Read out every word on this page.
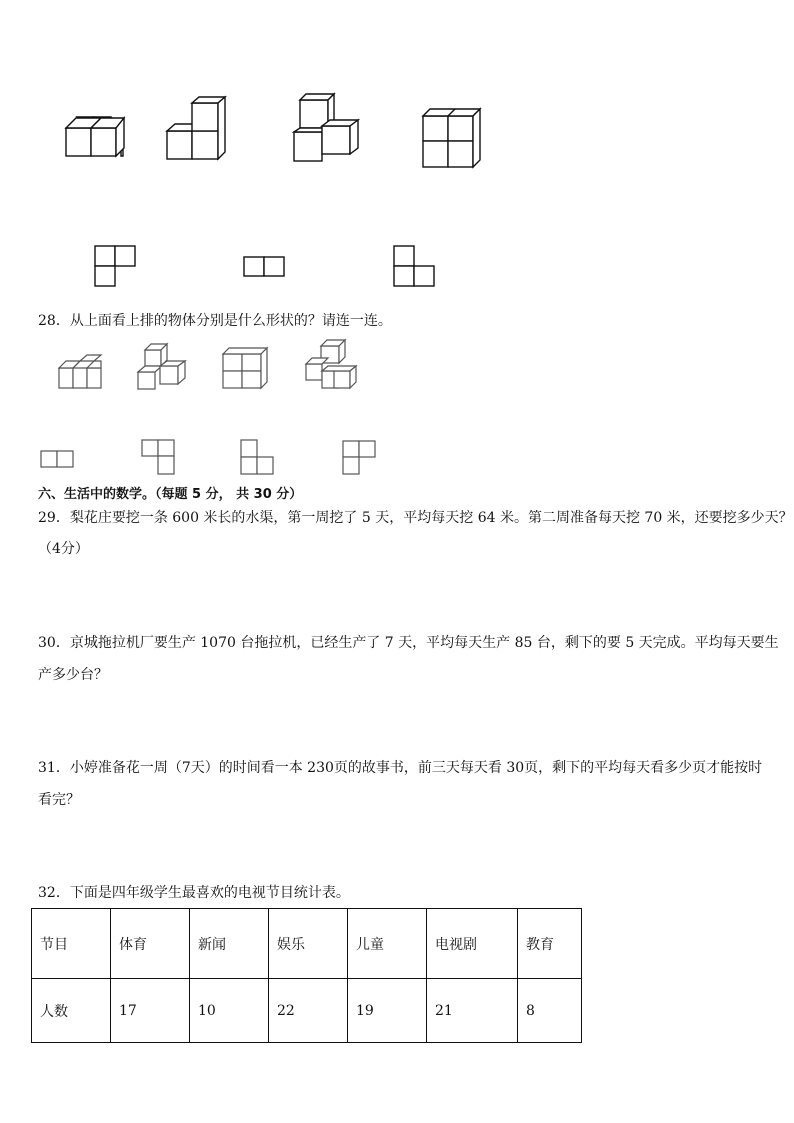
28．从上面看上排的物体分别是什么形状的？请连一连。
六、生活中的数学。（每题 5 分， 共 30 分）
29．梨花庄要挖一条 600 米长的水渠，第一周挖了 5 天，平均每天挖 64 米。第二周准备每天挖 70 米，还要挖多少天？
（4分）
30．京城拖拉机厂要生产 1070 台拖拉机，已经生产了 7 天，平均每天生产 85 台，剩下的要 5 天完成。平均每天要生
产多少台？
31．小婷准备花一周（7天）的时间看一本 230页的故事书，前三天每天看 30页，剩下的平均每天看多少页才能按时
看完？
32．下面是四年级学生最喜欢的电视节目统计表。
节目	体育	新闻	娱乐	儿童	电视剧	教育
人数	17	10	22	19	21	8
